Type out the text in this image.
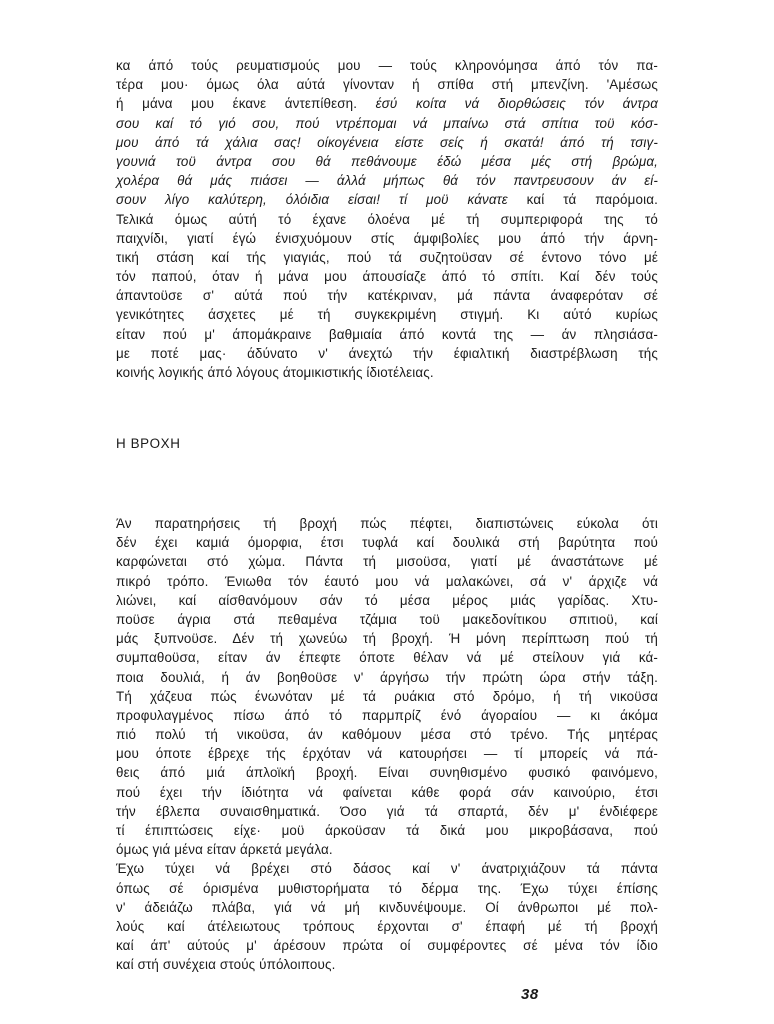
κα άπό τούς ρευματισμούς μου — τούς κληρονόμησα άπό τόν πα-
τέρα μου· όμως όλα αύτά γίνονταν ή σπίθα στή μπενζίνη. 'Αμέσως
ή μάνα μου έκανε άντεπίθεση. έσύ κοίτα νά διορθώσεις τόν άντρα
σου καί τό γιό σου, πού ντρέπομαι νά μπαίνω στά σπίτια τοϋ κόσ-
μου άπό τά χάλια σας! οίκογένεια είστε σείς ή σκατά! άπό τή τσιγ-
γουνιά τοϋ άντρα σου θά πεθάνουμε έδώ μέσα μές στή βρώμα,
χολέρα θά μάς πιάσει — άλλά μήπως θά τόν παντρευσουν άν εί-
σουν λίγο καλύτερη, όλόιδια είσαι! τί μοϋ κάνατε καί τά παρόμοια.
Τελικά όμως αύτή τό έχανε όλοένα μέ τή συμπεριφορά της τό
παιχνίδι, γιατί έγώ ένισχυόμουν στίς άμφιβολίες μου άπό τήν άρνη-
τική στάση καί τής γιαγιάς, πού τά συζητοϋσαν σέ έντονο τόνο μέ
τόν παπού, όταν ή μάνα μου άπουσίαζε άπό τό σπίτι. Καί δέν τούς
άπαντοϋσε σ' αύτά πού τήν κατέκριναν, μά πάντα άναφερόταν σέ
γενικότητες άσχετες μέ τή συγκεκριμένη στιγμή. Κι αύτό κυρίως
είταν πού μ' άπομάκραινε βαθμιαία άπό κοντά της — άν πλησιάσα-
με ποτέ μας· άδύνατο ν' άνεχτώ τήν έφιαλτική διαστρέβλωση τής
κοινής λογικής άπό λόγους άτομικιστικής ίδιοτέλειας.
Η ΒΡΟΧΗ
Άν παρατηρήσεις τή βροχή πώς πέφτει, διαπιστώνεις εύκολα ότι
δέν έχει καμιά όμορφια, έτσι τυφλά καί δουλικά στή βαρύτητα πού
καρφώνεται στό χώμα. Πάντα τή μισοϋσα, γιατί μέ άναστάτωνε μέ
πικρό τρόπο. Ένιωθα τόν έαυτό μου νά μαλακώνει, σά ν' άρχιζε νά
λιώνει, καί αίσθανόμουν σάν τό μέσα μέρος μιάς γαρίδας. Χτυ-
ποϋσε άγρια στά πεθαμένα τζάμια τοϋ μακεδονίτικου σπιτιοϋ, καί
μάς ξυπνοϋσε. Δέν τή χωνεύω τή βροχή. Ή μόνη περίπτωση πού τή
συμπαθοϋσα, είταν άν έπεφτε όποτε θέλαν νά μέ στείλουν γιά κά-
ποια δουλιά, ή άν βοηθοϋσε ν' άργήσω τήν πρώτη ώρα στήν τάξη.
Τή χάζευα πώς ένωνόταν μέ τά ρυάκια στό δρόμο, ή τή νικοϋσα
προφυλαγμένος πίσω άπό τό παρμπρίζ ένό άγοραίου — κι άκόμα
πιό πολύ τή νικοϋσα, άν καθόμουν μέσα στό τρένο. Τής μητέρας
μου όποτε έβρεχε τής έρχόταν νά κατουρήσει — τί μπορείς νά πά-
θεις άπό μιά άπλοϊκή βροχή. Είναι συνηθισμένο φυσικό φαινόμενο,
πού έχει τήν ίδιότητα νά φαίνεται κάθε φορά σάν καινούριο, έτσι
τήν έβλεπα συναισθηματικά. Όσο γιά τά σπαρτά, δέν μ' ένδιέφερε
τί έπιπτώσεις είχε· μοϋ άρκοϋσαν τά δικά μου μικροβάσανα, πού
όμως γιά μένα είταν άρκετά μεγάλα.
Έχω τύχει νά βρέχει στό δάσος καί ν' άνατριχιάζουν τά πάντα
όπως σέ όρισμένα μυθιστορήματα τό δέρμα της. Έχω τύχει έπίσης
ν' άδειάζω πλάβα, γιά νά μή κινδυνέψουμε. Οί άνθρωποι μέ πολ-
λούς καί άτέλειωτους τρόπους έρχονται σ' έπαφή μέ τή βροχή
καί άπ' αύτούς μ' άρέσουν πρώτα οί συμφέροντες σέ μένα τόν ίδιο
καί στή συνέχεια στούς ύπόλοιπους.
38
